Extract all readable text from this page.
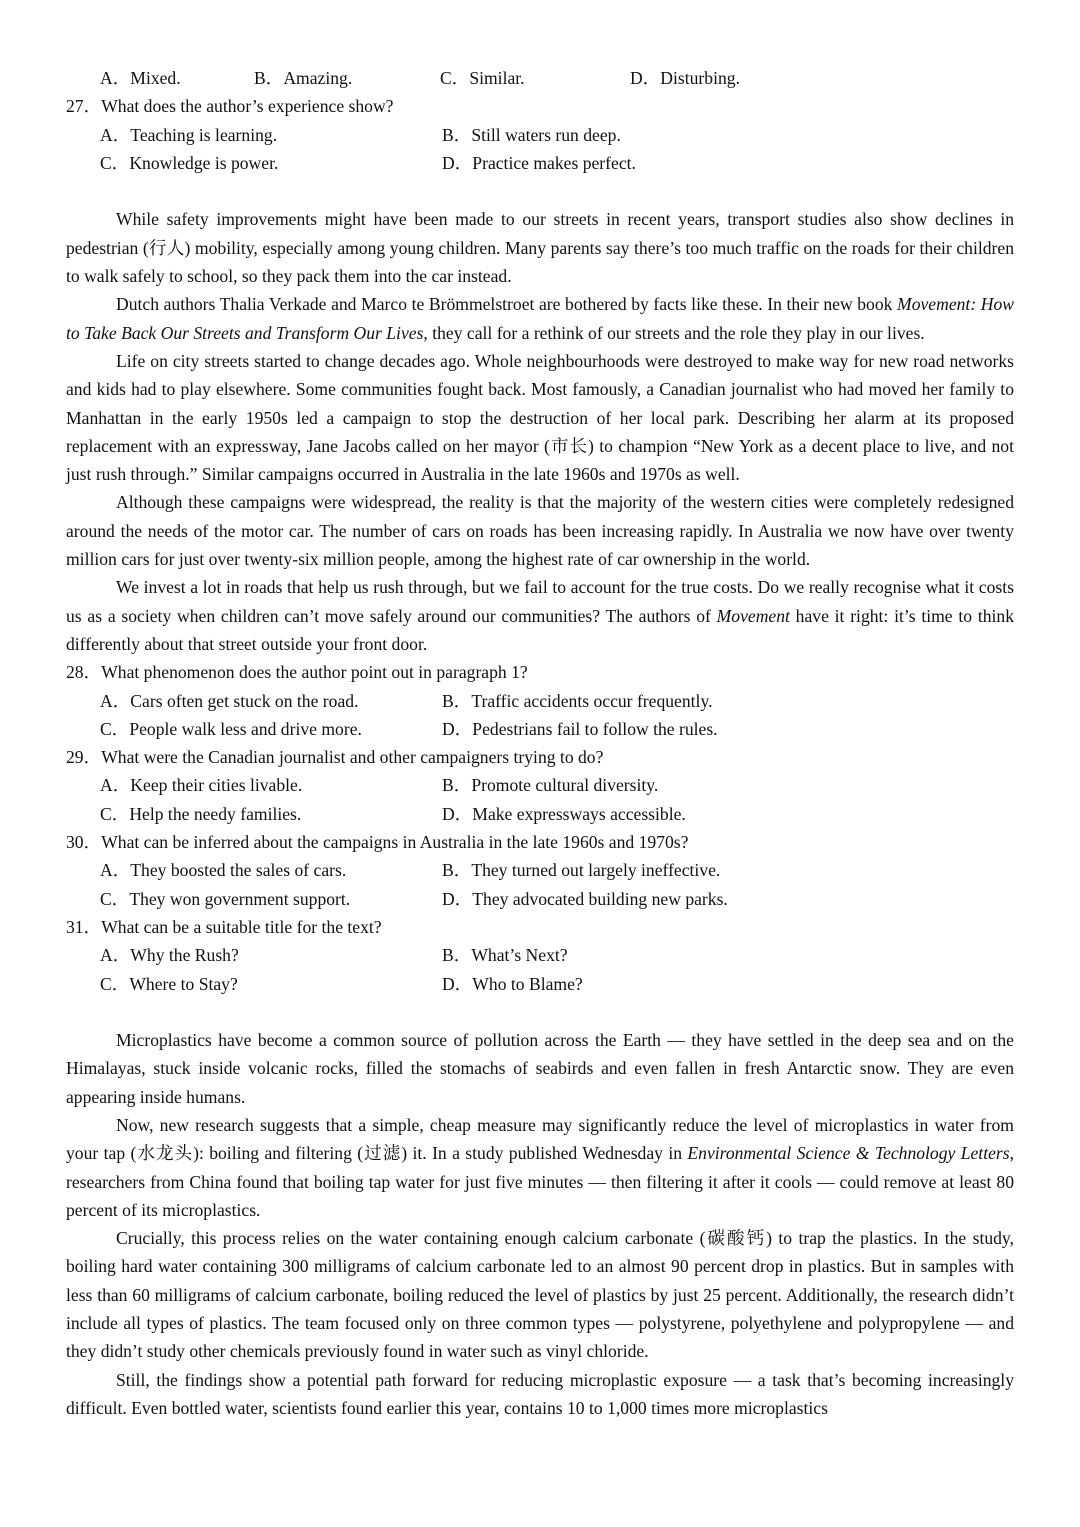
A．Mixed.	B．Amazing.	C．Similar.	D．Disturbing.
27．What does the author’s experience show?
A．Teaching is learning.	B．Still waters run deep.
C．Knowledge is power.	D．Practice makes perfect.

While safety improvements might have been made to our streets in recent years, transport studies also show declines in pedestrian (行人) mobility, especially among young children. Many parents say there’s too much traffic on the roads for their children to walk safely to school, so they pack them into the car instead.

Dutch authors Thalia Verkade and Marco te Brömmelstroet are bothered by facts like these. In their new book Movement: How to Take Back Our Streets and Transform Our Lives, they call for a rethink of our streets and the role they play in our lives.

Life on city streets started to change decades ago. Whole neighbourhoods were destroyed to make way for new road networks and kids had to play elsewhere. Some communities fought back. Most famously, a Canadian journalist who had moved her family to Manhattan in the early 1950s led a campaign to stop the destruction of her local park. Describing her alarm at its proposed replacement with an expressway, Jane Jacobs called on her mayor (市长) to champion “New York as a decent place to live, and not just rush through.” Similar campaigns occurred in Australia in the late 1960s and 1970s as well.

Although these campaigns were widespread, the reality is that the majority of the western cities were completely redesigned around the needs of the motor car. The number of cars on roads has been increasing rapidly. In Australia we now have over twenty million cars for just over twenty-six million people, among the highest rate of car ownership in the world.

We invest a lot in roads that help us rush through, but we fail to account for the true costs. Do we really recognise what it costs us as a society when children can’t move safely around our communities? The authors of Movement have it right: it’s time to think differently about that street outside your front door.

28．What phenomenon does the author point out in paragraph 1?
A．Cars often get stuck on the road.	B．Traffic accidents occur frequently.
C．People walk less and drive more.	D．Pedestrians fail to follow the rules.
29．What were the Canadian journalist and other campaigners trying to do?
A．Keep their cities livable.	B．Promote cultural diversity.
C．Help the needy families.	D．Make expressways accessible.
30．What can be inferred about the campaigns in Australia in the late 1960s and 1970s?
A．They boosted the sales of cars.	B．They turned out largely ineffective.
C．They won government support.	D．They advocated building new parks.
31．What can be a suitable title for the text?
A．Why the Rush?	B．What’s Next?
C．Where to Stay?	D．Who to Blame?

Microplastics have become a common source of pollution across the Earth — they have settled in the deep sea and on the Himalayas, stuck inside volcanic rocks, filled the stomachs of seabirds and even fallen in fresh Antarctic snow. They are even appearing inside humans.

Now, new research suggests that a simple, cheap measure may significantly reduce the level of microplastics in water from your tap (水龙头): boiling and filtering (过滤) it. In a study published Wednesday in Environmental Science & Technology Letters, researchers from China found that boiling tap water for just five minutes — then filtering it after it cools — could remove at least 80 percent of its microplastics.

Crucially, this process relies on the water containing enough calcium carbonate (碳酸钙) to trap the plastics. In the study, boiling hard water containing 300 milligrams of calcium carbonate led to an almost 90 percent drop in plastics. But in samples with less than 60 milligrams of calcium carbonate, boiling reduced the level of plastics by just 25 percent. Additionally, the research didn’t include all types of plastics. The team focused only on three common types — polystyrene, polyethylene and polypropylene — and they didn’t study other chemicals previously found in water such as vinyl chloride.

Still, the findings show a potential path forward for reducing microplastic exposure — a task that’s becoming increasingly difficult. Even bottled water, scientists found earlier this year, contains 10 to 1,000 times more microplastics
